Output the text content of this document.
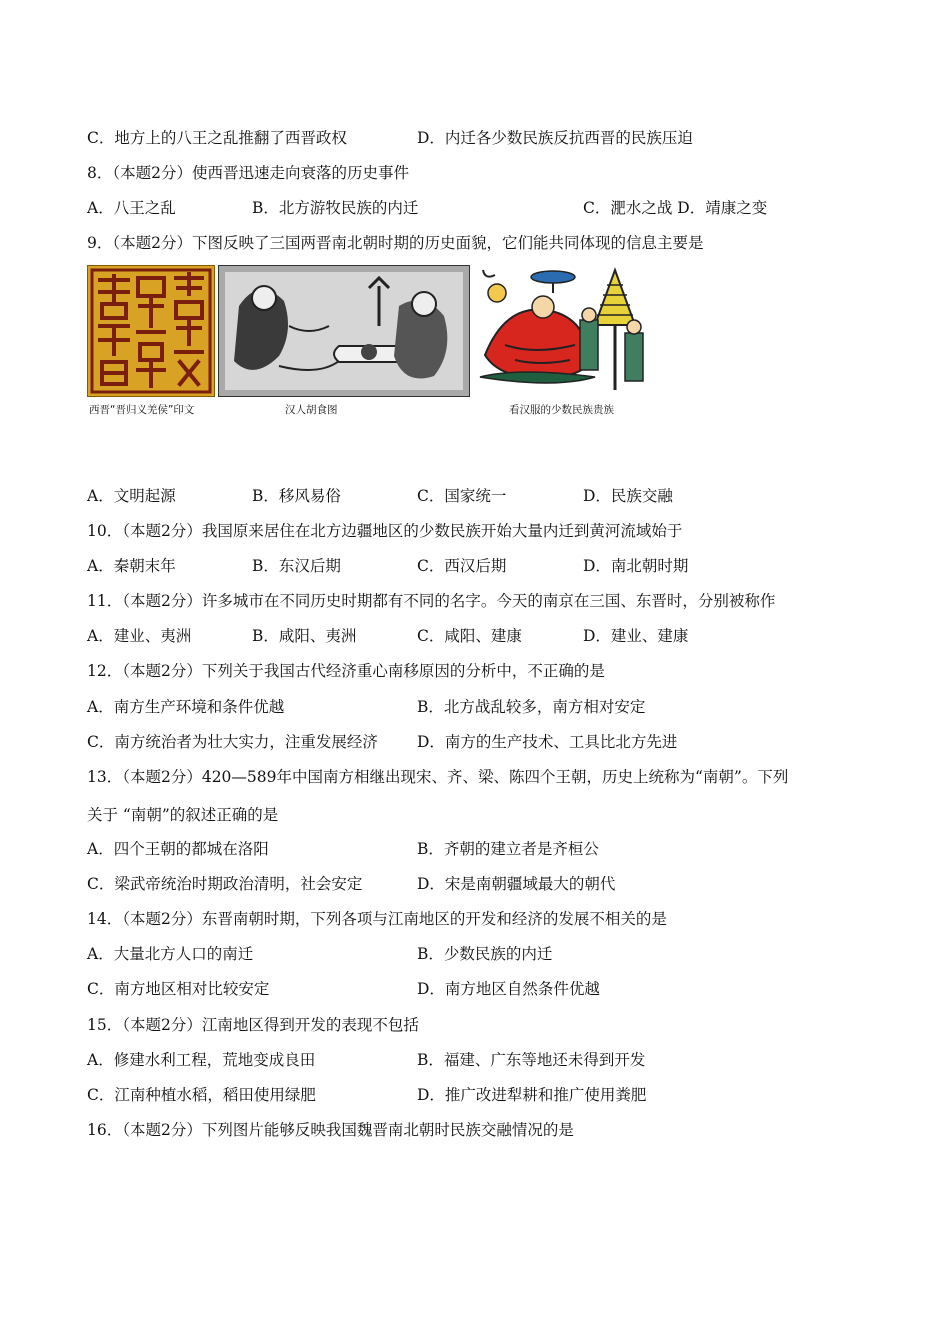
C．地方上的八王之乱推翻了西晋政权	D．内迁各少数民族反抗西晋的民族压迫
8．（本题2分）使西晋迅速走向衰落的历史事件
A．八王之乱	B．北方游牧民族的内迁	C．淝水之战 D．靖康之变
9．（本题2分）下图反映了三国两晋南北朝时期的历史面貌，它们能共同体现的信息主要是
西晋“晋归义羌侯”印文	汉人胡食图	看汉服的少数民族贵族
A．文明起源	B．移风易俗	C．国家统一	D．民族交融
10．（本题2分）我国原来居住在北方边疆地区的少数民族开始大量内迁到黄河流域始于
A．秦朝末年	B．东汉后期	C．西汉后期	D．南北朝时期
11．（本题2分）许多城市在不同历史时期都有不同的名字。今天的南京在三国、东晋时，分别被称作
A．建业、夷洲	B．咸阳、夷洲	C．咸阳、建康	D．建业、建康
12．（本题2分）下列关于我国古代经济重心南移原因的分析中，不正确的是
A．南方生产环境和条件优越	B．北方战乱较多，南方相对安定
C．南方统治者为壮大实力，注重发展经济	D．南方的生产技术、工具比北方先进
13．（本题2分）420—589年中国南方相继出现宋、齐、梁、陈四个王朝，历史上统称为“南朝”。下列
关于 “南朝”的叙述正确的是
A．四个王朝的都城在洛阳	B．齐朝的建立者是齐桓公
C．梁武帝统治时期政治清明，社会安定	D．宋是南朝疆域最大的朝代
14．（本题2分）东晋南朝时期，下列各项与江南地区的开发和经济的发展不相关的是
A．大量北方人口的南迁	B．少数民族的内迁
C．南方地区相对比较安定	D．南方地区自然条件优越
15．（本题2分）江南地区得到开发的表现不包括
A．修建水利工程，荒地变成良田	B．福建、广东等地还未得到开发
C．江南种植水稻，稻田使用绿肥	D．推广改进犁耕和推广使用粪肥
16．（本题2分）下列图片能够反映我国魏晋南北朝时民族交融情况的是
